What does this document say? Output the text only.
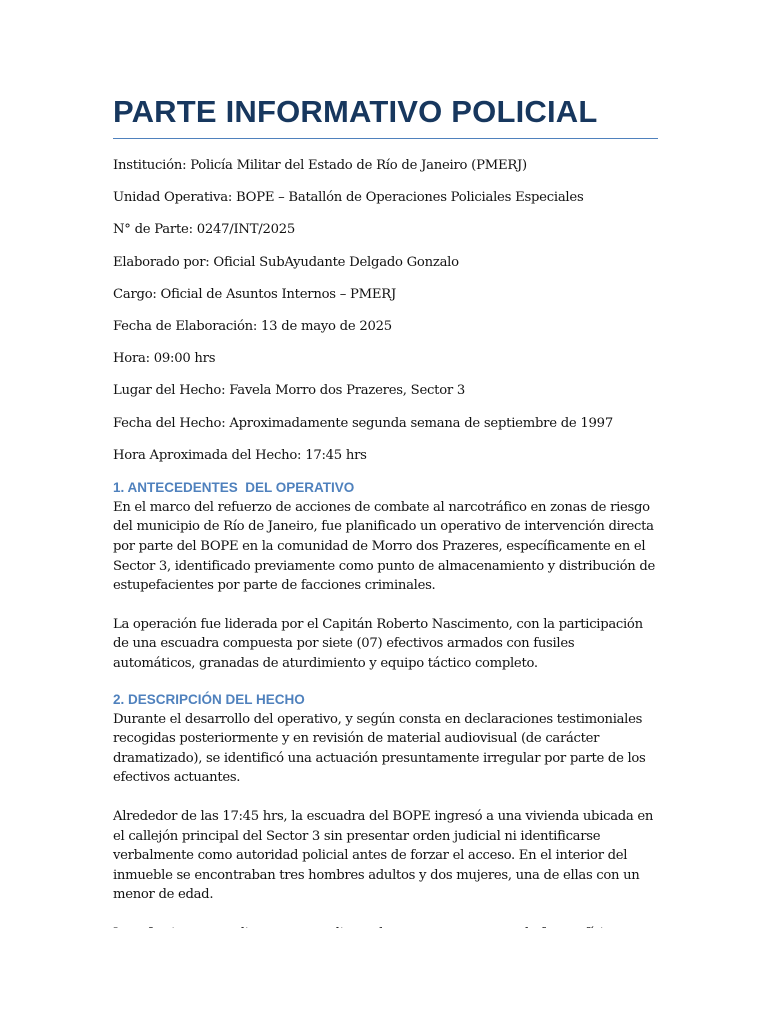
PARTE INFORMATIVO POLICIAL

Institución: Policía Militar del Estado de Río de Janeiro (PMERJ)

Unidad Operativa: BOPE – Batallón de Operaciones Policiales Especiales

N° de Parte: 0247/INT/2025

Elaborado por: Oficial SubAyudante Delgado Gonzalo

Cargo: Oficial de Asuntos Internos – PMERJ

Fecha de Elaboración: 13 de mayo de 2025

Hora: 09:00 hrs

Lugar del Hecho: Favela Morro dos Prazeres, Sector 3

Fecha del Hecho: Aproximadamente segunda semana de septiembre de 1997

Hora Aproximada del Hecho: 17:45 hrs

1. ANTECEDENTES  DEL OPERATIVO

En el marco del refuerzo de acciones de combate al narcotráfico en zonas de riesgo del municipio de Río de Janeiro, fue planificado un operativo de intervención directa por parte del BOPE en la comunidad de Morro dos Prazeres, específicamente en el Sector 3, identificado previamente como punto de almacenamiento y distribución de estupefacientes por parte de facciones criminales.

La operación fue liderada por el Capitán Roberto Nascimento, con la participación de una escuadra compuesta por siete (07) efectivos armados con fusiles automáticos, granadas de aturdimiento y equipo táctico completo.

2. DESCRIPCIÓN DEL HECHO

Durante el desarrollo del operativo, y según consta en declaraciones testimoniales recogidas posteriormente y en revisión de material audiovisual (de carácter dramatizado), se identificó una actuación presuntamente irregular por parte de los efectivos actuantes.

Alrededor de las 17:45 hrs, la escuadra del BOPE ingresó a una vivienda ubicada en el callejón principal del Sector 3 sin presentar orden judicial ni identificarse verbalmente como autoridad policial antes de forzar el acceso. En el interior del inmueble se encontraban tres hombres adultos y dos mujeres, una de ellas con un menor de edad.
